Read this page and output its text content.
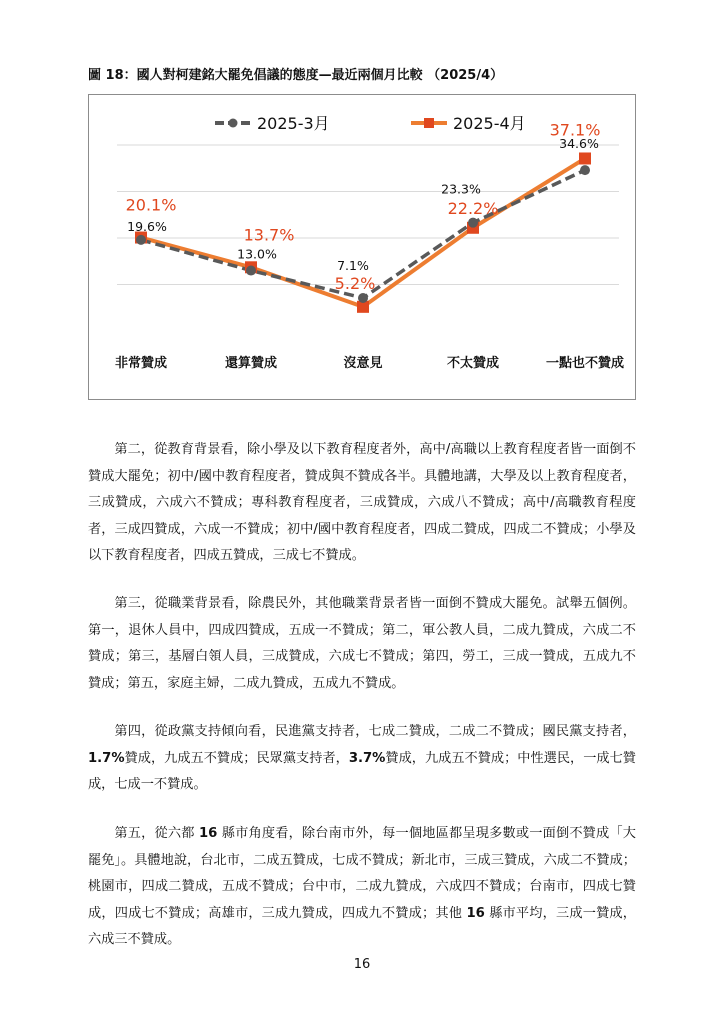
圖 18：國人對柯建銘大罷免倡議的態度—最近兩個月比較 （2025/4）
非常贊成	還算贊成	沒意見	不太贊成	一點也不贊成
2025-3月	2025-4月
19.6%
13.0%
7.1%
23.3%
34.6%
20.1%
13.7%
5.2%
22.2%
37.1%
第二，從教育背景看，除小學及以下教育程度者外，高中/高職以上教育程度者皆一面倒不贊成大罷免；初中/國中教育程度者，贊成與不贊成各半。具體地講，大學及以上教育程度者，三成贊成，六成六不贊成；專科教育程度者，三成贊成，六成八不贊成；高中/高職教育程度者，三成四贊成，六成一不贊成；初中/國中教育程度者，四成二贊成，四成二不贊成；小學及以下教育程度者，四成五贊成，三成七不贊成。
第三，從職業背景看，除農民外，其他職業背景者皆一面倒不贊成大罷免。試舉五個例。第一，退休人員中，四成四贊成，五成一不贊成；第二，軍公教人員，二成九贊成，六成二不贊成；第三，基層白領人員，三成贊成，六成七不贊成；第四，勞工，三成一贊成，五成九不贊成；第五，家庭主婦，二成九贊成，五成九不贊成。
第四，從政黨支持傾向看，民進黨支持者，七成二贊成，二成二不贊成；國民黨支持者，1.7%贊成，九成五不贊成；民眾黨支持者，3.7%贊成，九成五不贊成；中性選民，一成七贊成，七成一不贊成。
第五，從六都 16 縣市角度看，除台南市外，每一個地區都呈現多數或一面倒不贊成「大罷免」。具體地說，台北市，二成五贊成，七成不贊成；新北市，三成三贊成，六成二不贊成；桃園市，四成二贊成，五成不贊成；台中市，二成九贊成，六成四不贊成；台南市，四成七贊成，四成七不贊成；高雄市，三成九贊成，四成九不贊成；其他 16 縣市平均，三成一贊成，六成三不贊成。
16
